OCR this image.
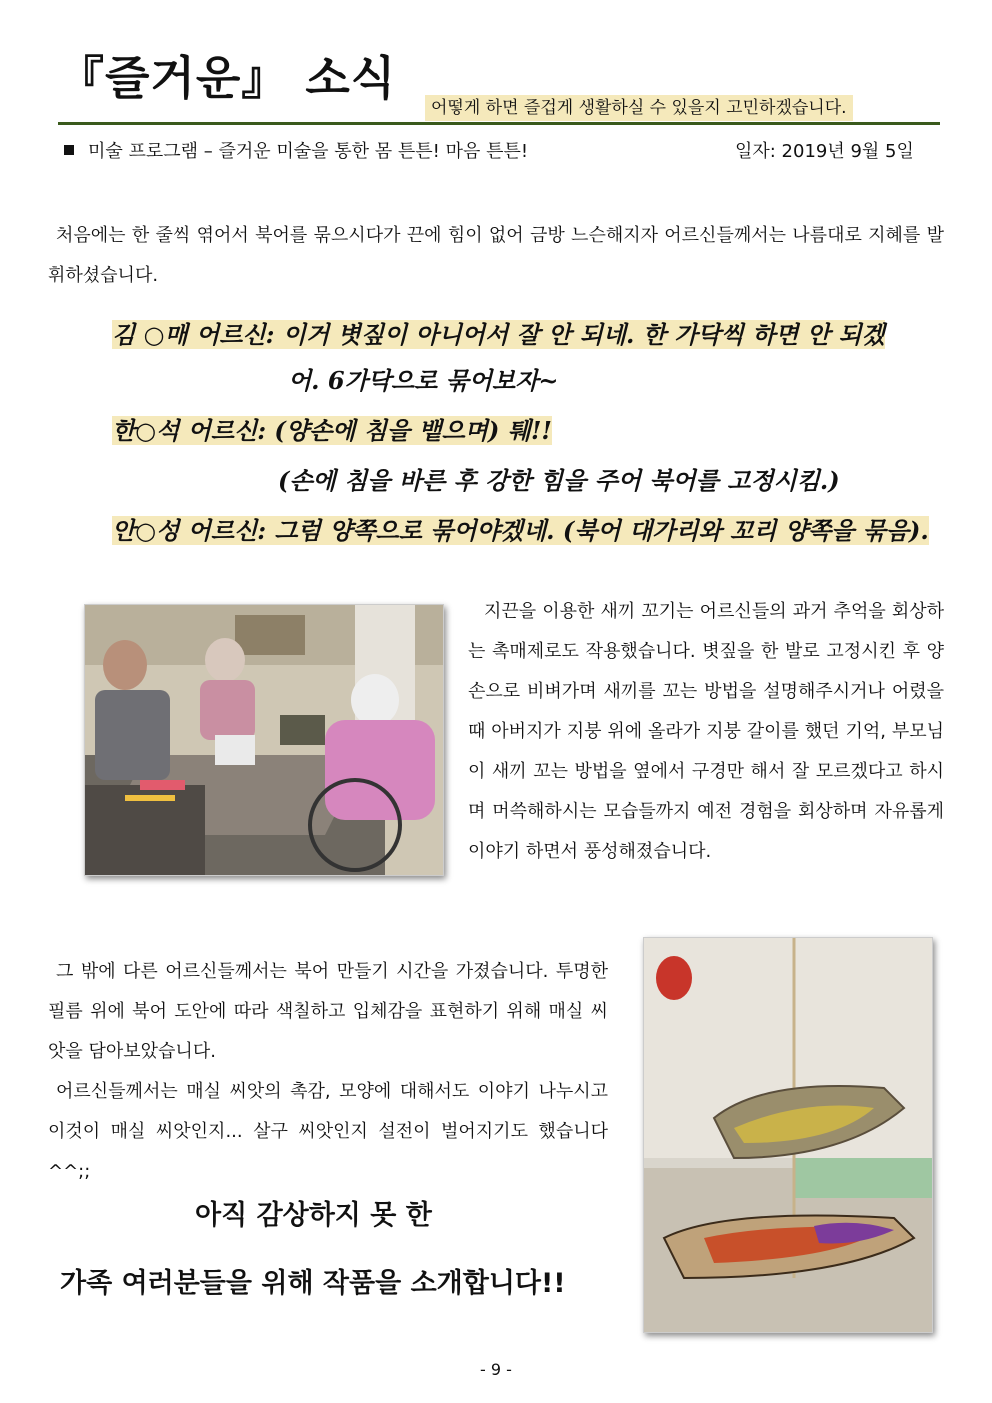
『즐거운』 소식
어떻게 하면 즐겁게 생활하실 수 있을지 고민하겠습니다.
미술 프로그램 – 즐거운 미술을 통한 몸 튼튼! 마음 튼튼!	일자: 2019년 9월 5일
처음에는 한 줄씩 엮어서 북어를 묶으시다가 끈에 힘이 없어 금방 느슨해지자 어르신들께서는 나름대로 지혜를 발휘하셨습니다.
김 ○매 어르신: 이거 볏짚이 아니어서 잘 안 되네. 한 가닥씩 하면 안 되겠
어. 6가닥으로 묶어보자~
한○석 어르신: (양손에 침을 뱉으며) 퉤!!
(손에 침을 바른 후 강한 힘을 주어 북어를 고정시킴.)
안○성 어르신: 그럼 양쪽으로 묶어야겠네. (북어 대가리와 꼬리 양쪽을 묶음).
지끈을 이용한 새끼 꼬기는 어르신들의 과거 추억을 회상하는 촉매제로도 작용했습니다. 볏짚을 한 발로 고정시킨 후 양손으로 비벼가며 새끼를 꼬는 방법을 설명해주시거나 어렸을 때 아버지가 지붕 위에 올라가 지붕 갈이를 했던 기억, 부모님이 새끼 꼬는 방법을 옆에서 구경만 해서 잘 모르겠다고 하시며 머쓱해하시는 모습들까지 예전 경험을 회상하며 자유롭게 이야기 하면서 풍성해졌습니다.
그 밖에 다른 어르신들께서는 북어 만들기 시간을 가졌습니다. 투명한 필름 위에 북어 도안에 따라 색칠하고 입체감을 표현하기 위해 매실 씨앗을 담아보았습니다.
어르신들께서는 매실 씨앗의 촉감, 모양에 대해서도 이야기 나누시고 이것이 매실 씨앗인지... 살구 씨앗인지 설전이 벌어지기도 했습니다^^;;
아직 감상하지 못 한
가족 여러분들을 위해 작품을 소개합니다!!
- 9 -
